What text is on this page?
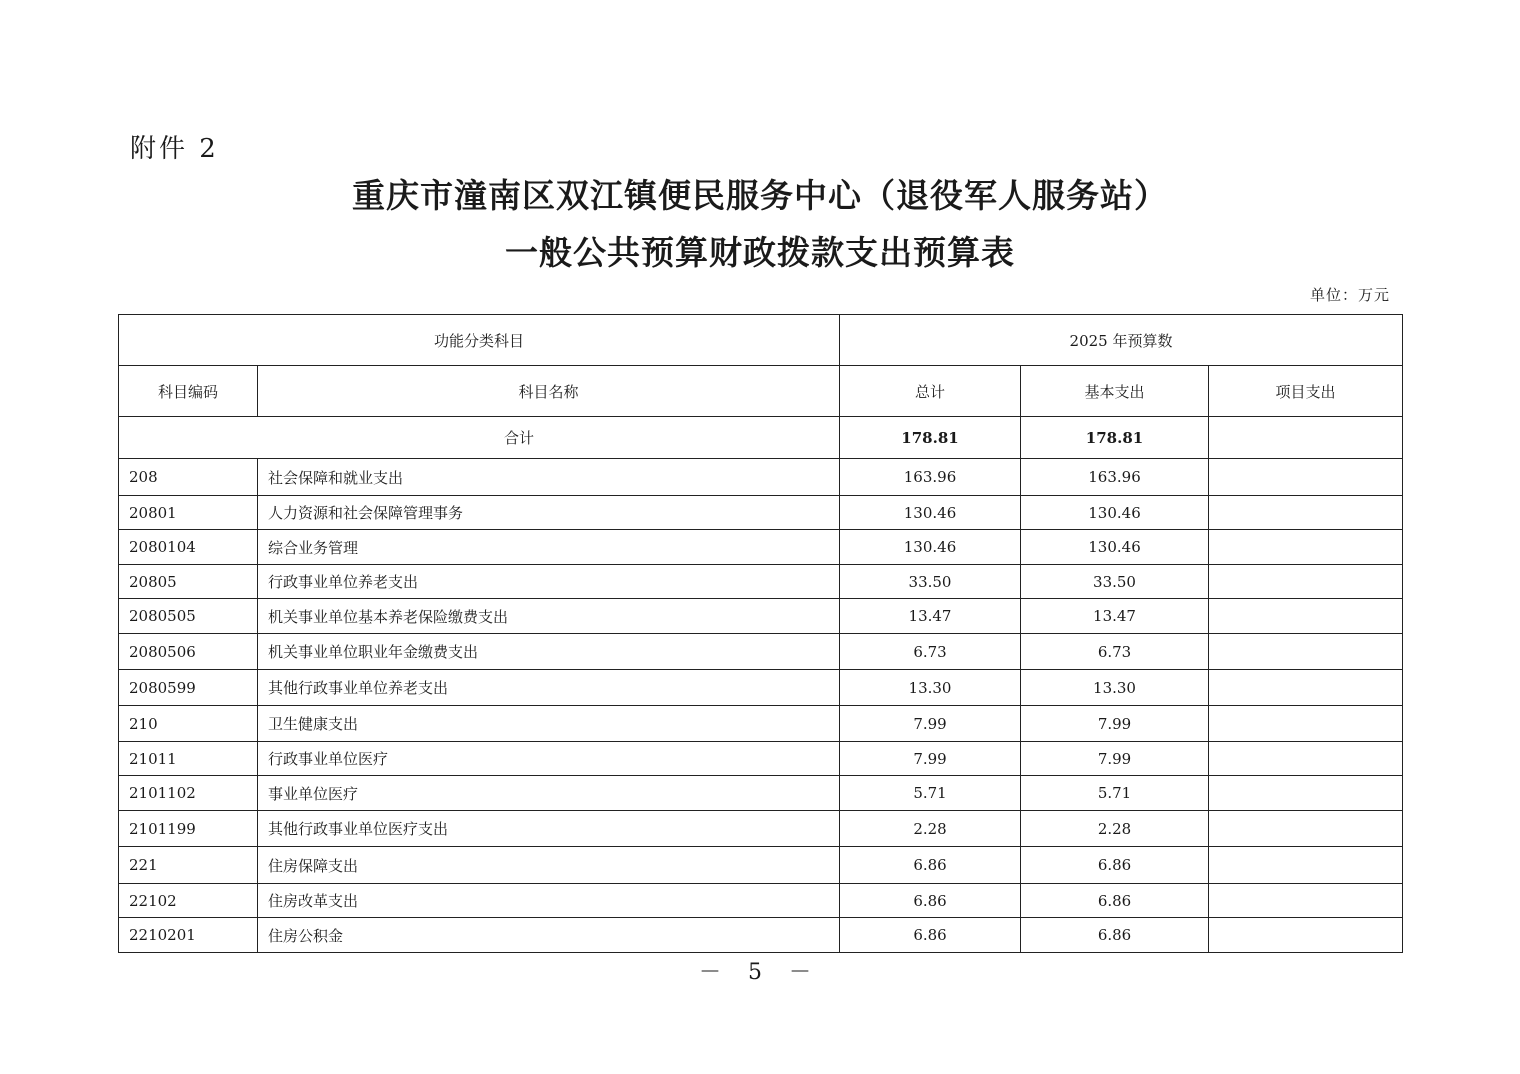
附件 2
重庆市潼南区双江镇便民服务中心（退役军人服务站）
一般公共预算财政拨款支出预算表
单位：万元
功能分类科目		2025 年预算数		
科目编码	科目名称	总计	基本支出	项目支出
合计		178.81	178.81	
208	社会保障和就业支出	163.96	163.96	
20801	人力资源和社会保障管理事务	130.46	130.46	
2080104	综合业务管理	130.46	130.46	
20805	行政事业单位养老支出	33.50	33.50	
2080505	机关事业单位基本养老保险缴费支出	13.47	13.47	
2080506	机关事业单位职业年金缴费支出	6.73	6.73	
2080599	其他行政事业单位养老支出	13.30	13.30	
210	卫生健康支出	7.99	7.99	
21011	行政事业单位医疗	7.99	7.99	
2101102	事业单位医疗	5.71	5.71	
2101199	其他行政事业单位医疗支出	2.28	2.28	
221	住房保障支出	6.86	6.86	
22102	住房改革支出	6.86	6.86	
2210201	住房公积金	6.86	6.86	
－ 5 －
